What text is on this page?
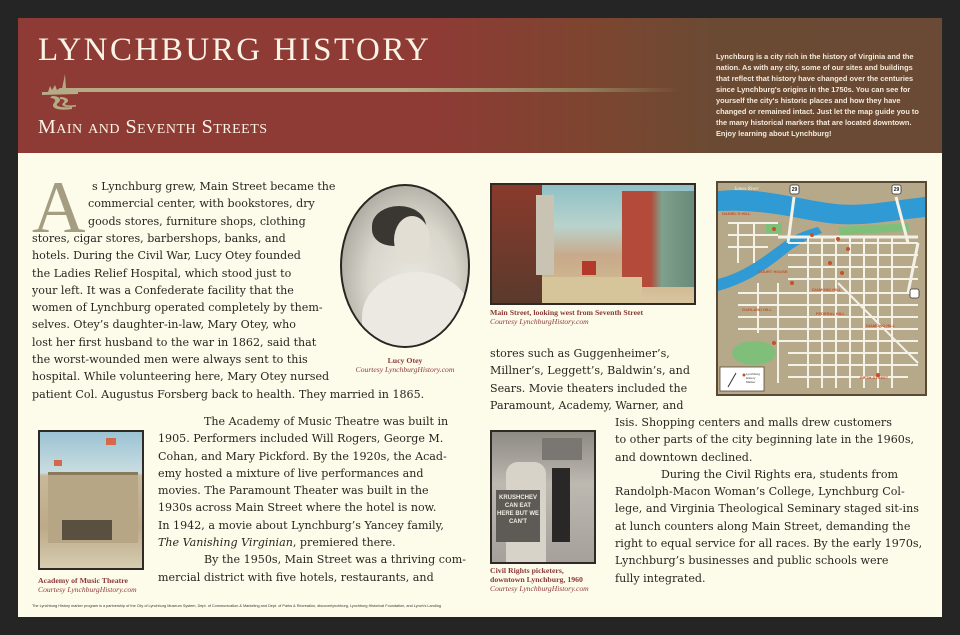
LYNCHBURG HISTORY
Main and Seventh Streets
Lynchburg is a city rich in the history of Virginia and the nation. As with any city, some of our sites and buildings that reflect that history have changed over the centuries since Lynchburg's origins in the 1750s. You can see for yourself the city's historic places and how they have changed or remained intact. Just let the map guide you to the many historical markers that are located downtown. Enjoy learning about Lynchburg!
A s Lynchburg grew, Main Street became the
commercial center, with bookstores, dry
goods stores, furniture shops, clothing
stores, cigar stores, barbershops, banks, and
hotels. During the Civil War, Lucy Otey founded
the Ladies Relief Hospital, which stood just to
your left. It was a Confederate facility that the
women of Lynchburg operated completely by them-
selves. Otey’s daughter-in-law, Mary Otey, who
lost her first husband to the war in 1862, said that
the worst-wounded men were always sent to this
hospital. While volunteering here, Mary Otey nursed
patient Col. Augustus Forsberg back to health. They married in 1865.
Lucy Otey
Courtesy LynchburgHistory.com
Academy of Music Theatre
Courtesy LynchburgHistory.com
The Academy of Music Theatre was built in
1905. Performers included Will Rogers, George M.
Cohan, and Mary Pickford. By the 1920s, the Acad-
emy hosted a mixture of live performances and
movies. The Paramount Theater was built in the
1930s across Main Street where the hotel is now.
In 1942, a movie about Lynchburg’s Yancey family,
The Vanishing Virginian, premiered there.
By the 1950s, Main Street was a thriving com-
mercial district with five hotels, restaurants, and
Main Street, looking west from Seventh Street
Courtesy LynchburgHistory.com
stores such as Guggenheimer’s,
Millner’s, Leggett’s, Baldwin’s, and
Sears. Movie theaters included the
Paramount, Academy, Warner, and
KRUSHCHEV CAN EAT HERE BUT WE CAN'T
Civil Rights picketers,
downtown Lynchburg, 1960
Courtesy LynchburgHistory.com
Isis. Shopping centers and malls drew customers
to other parts of the city beginning late in the 1960s,
and downtown declined.
During the Civil Rights era, students from
Randolph-Macon Woman’s College, Lynchburg Col-
lege, and Virginia Theological Seminary staged sit-ins
at lunch counters along Main Street, demanding the
right to equal service for all races. By the early 1970s,
Lynchburg’s businesses and public schools were
fully integrated.
DANIEL'S HILL
COURT HOUSE
DIAMOND HILL
GARLAND HILL
FEDERAL HILL
DIAMOND HILL
FIFTH STREET
James River	29	29
Lynchburg History Marker
The Lynchburg History marker program is a partnership of the City of Lynchburg Museum System, Dept. of Communication & Marketing and Dept. of Parks & Recreation, discoverlynchburg, Lynchburg Historical Foundation, and Lynch's Landing
